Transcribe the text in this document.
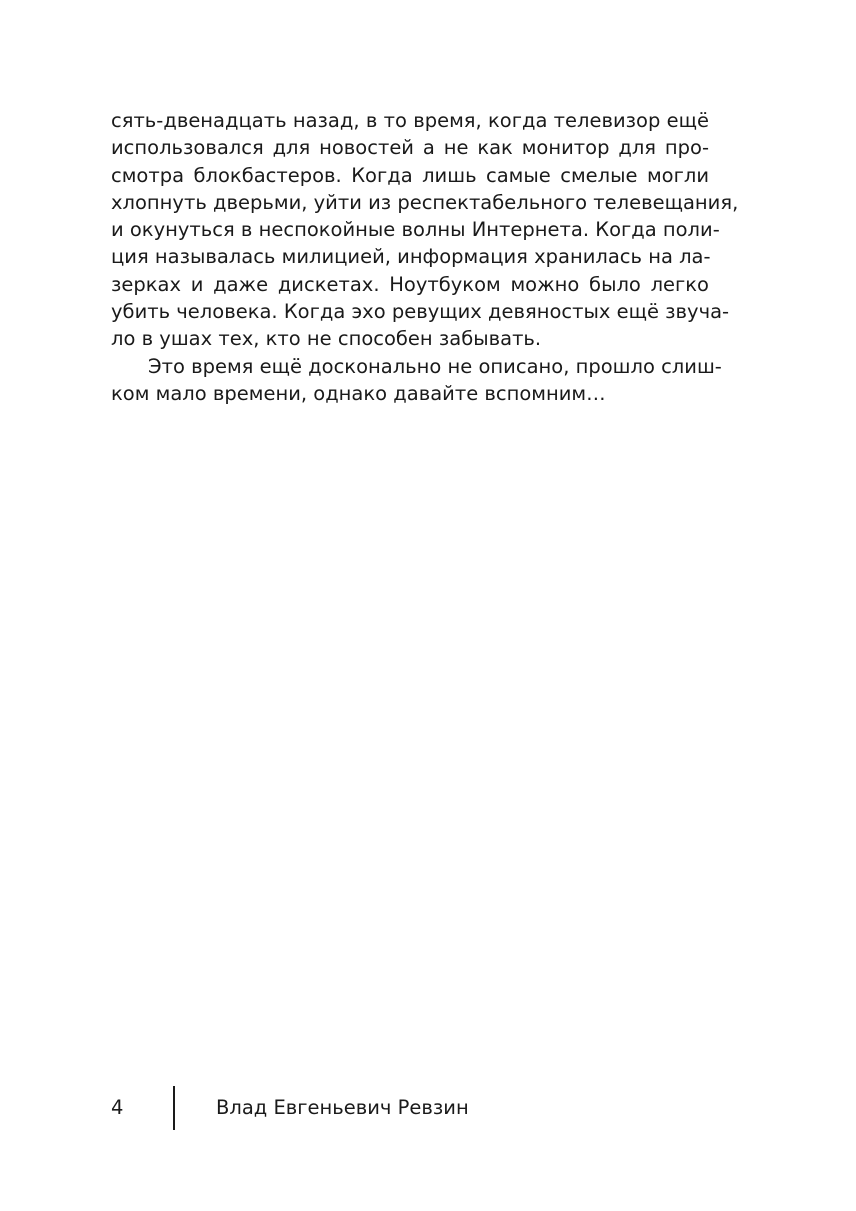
сять-двенадцать назад, в то время, когда телевизор ещё
использовался для новостей а не как монитор для про-
смотра блокбастеров. Когда лишь самые смелые могли
хлопнуть дверьми, уйти из респектабельного телевещания,
и окунуться в неспокойные волны Интернета. Когда поли-
ция называлась милицией, информация хранилась на ла-
зерках и даже дискетах. Ноутбуком можно было легко
убить человека. Когда эхо ревущих девяностых ещё звуча-
ло в ушах тех, кто не способен забывать.
Это время ещё досконально не описано, прошло слиш-
ком мало времени, однако давайте вспомним…
4	Влад Евгеньевич Ревзин
